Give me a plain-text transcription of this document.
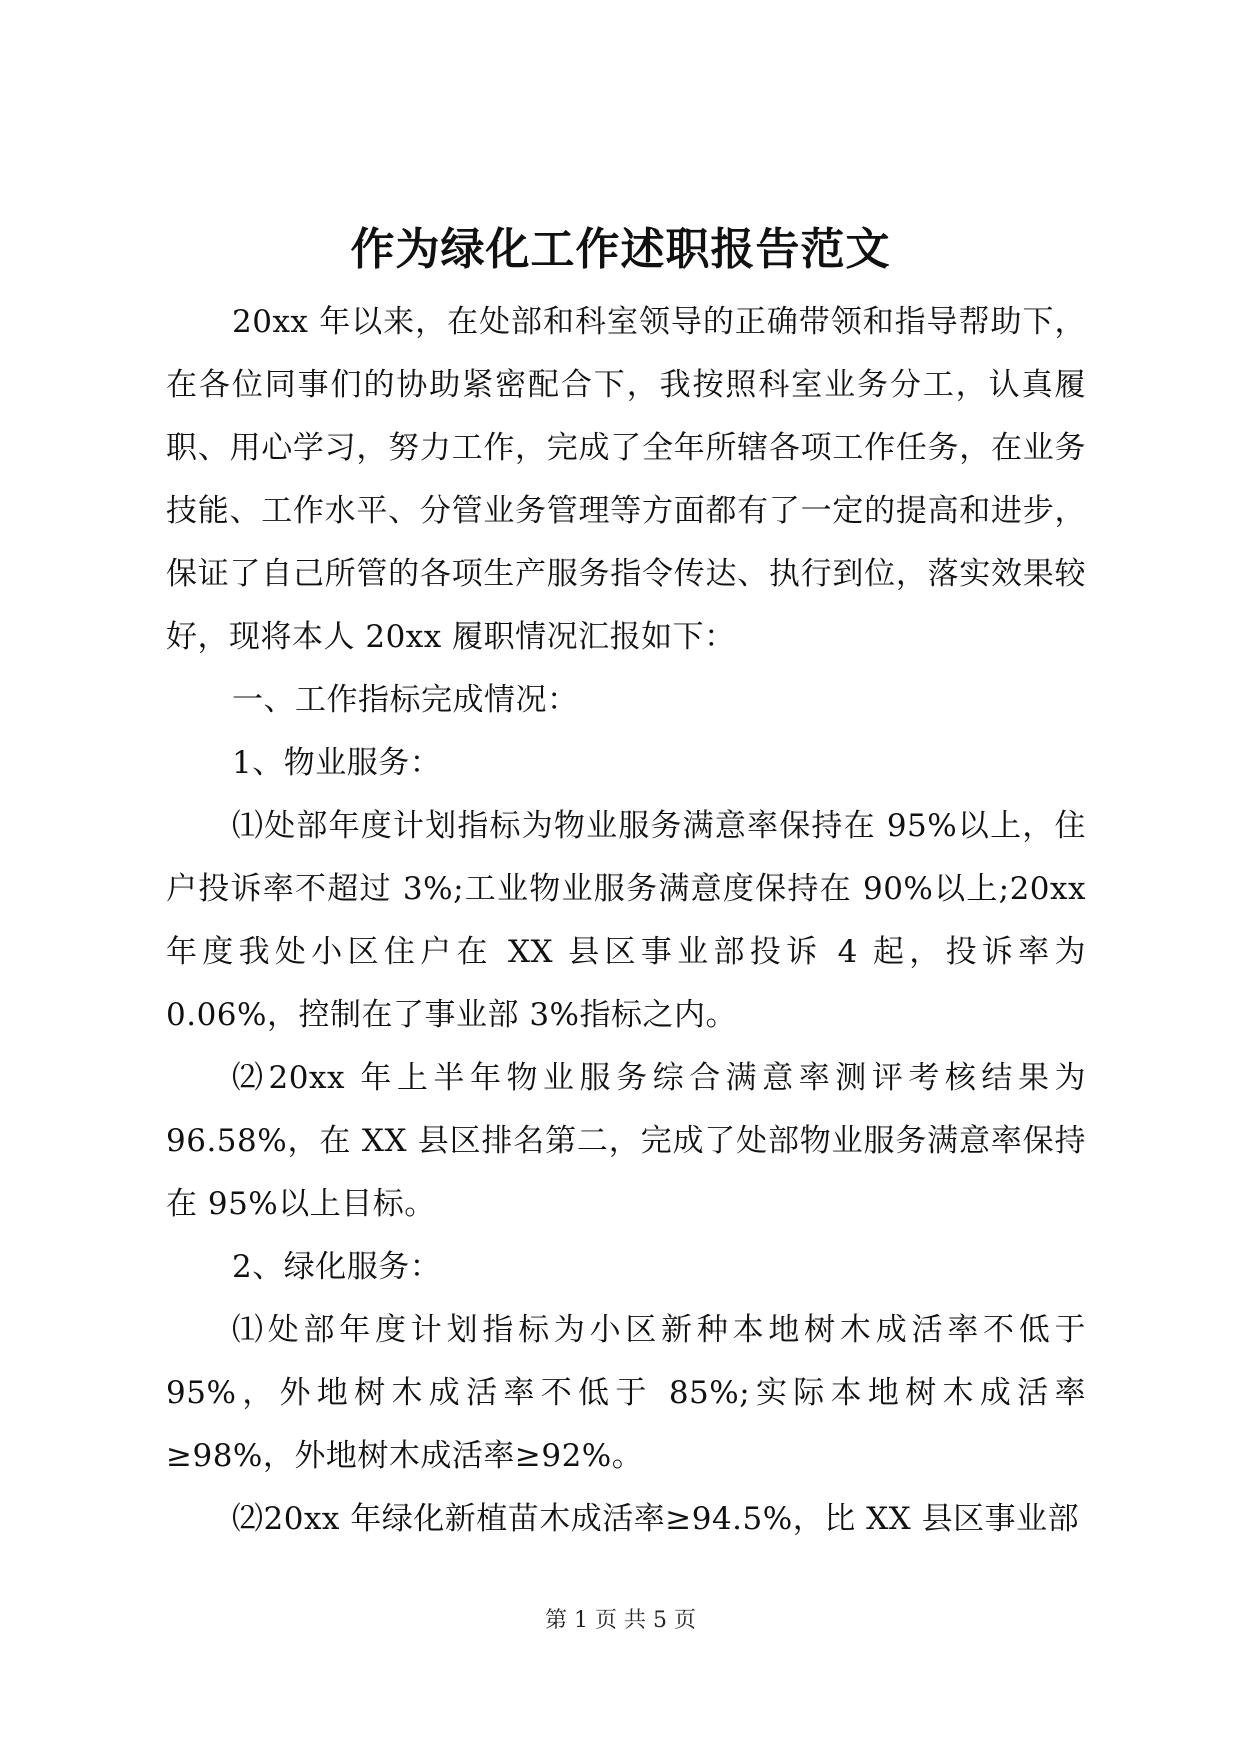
作为绿化工作述职报告范文

20xx 年以来，在处部和科室领导的正确带领和指导帮助下，在各位同事们的协助紧密配合下，我按照科室业务分工，认真履职、用心学习，努力工作，完成了全年所辖各项工作任务，在业务技能、工作水平、分管业务管理等方面都有了一定的提高和进步，保证了自己所管的各项生产服务指令传达、执行到位，落实效果较好，现将本人 20xx 履职情况汇报如下：

一、工作指标完成情况：

1、物业服务：

⑴处部年度计划指标为物业服务满意率保持在 95%以上，住户投诉率不超过 3%;工业物业服务满意度保持在 90%以上;20xx 年度我处小区住户在 XX 县区事业部投诉 4 起，投诉率为 0.06%，控制在了事业部 3%指标之内。

⑵20xx 年上半年物业服务综合满意率测评考核结果为 96.58%，在 XX 县区排名第二，完成了处部物业服务满意率保持在 95%以上目标。

2、绿化服务：

⑴处部年度计划指标为小区新种本地树木成活率不低于 95%，外地树木成活率不低于 85%;实际本地树木成活率≥98%，外地树木成活率≥92%。

⑵20xx 年绿化新植苗木成活率≥94.5%，比 XX 县区事业部

第 1 页 共 5 页
